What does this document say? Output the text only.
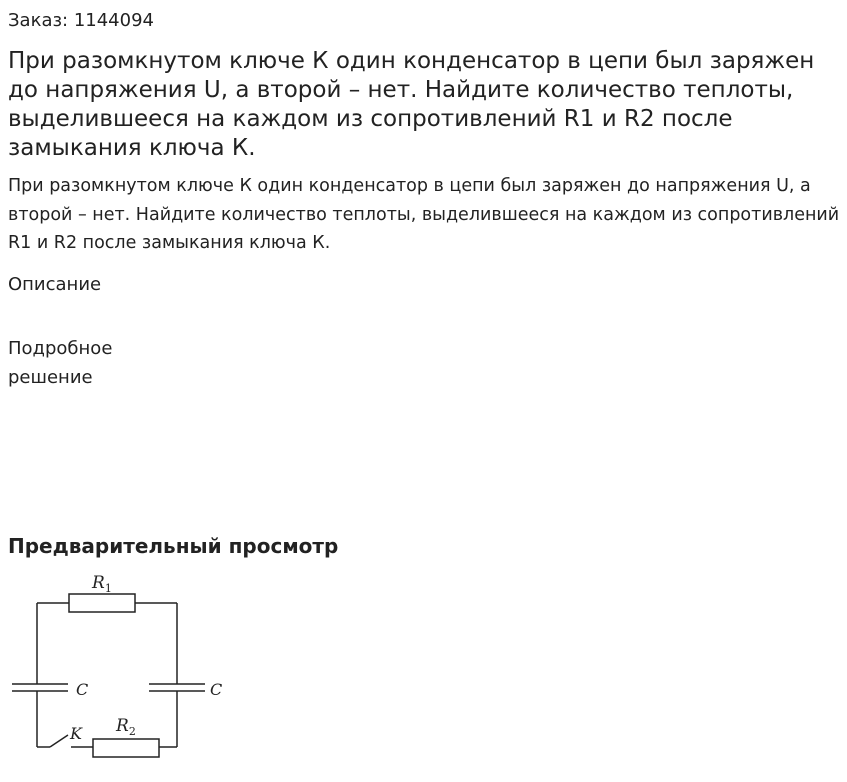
Заказ: 1144094
При разомкнутом ключе К один конденсатор в цепи был заряжен до напряжения U, а второй – нет. Найдите количество теплоты, выделившееся на каждом из сопротивлений R1 и R2 после замыкания ключа К.
При разомкнутом ключе К один конденсатор в цепи был заряжен до напряжения U, а второй – нет. Найдите количество теплоты, выделившееся на каждом из сопротивлений R1 и R2 после замыкания ключа К.
Описание
Подробное решение
Предварительный просмотр
$R_1$
C	C
K $R_2$
